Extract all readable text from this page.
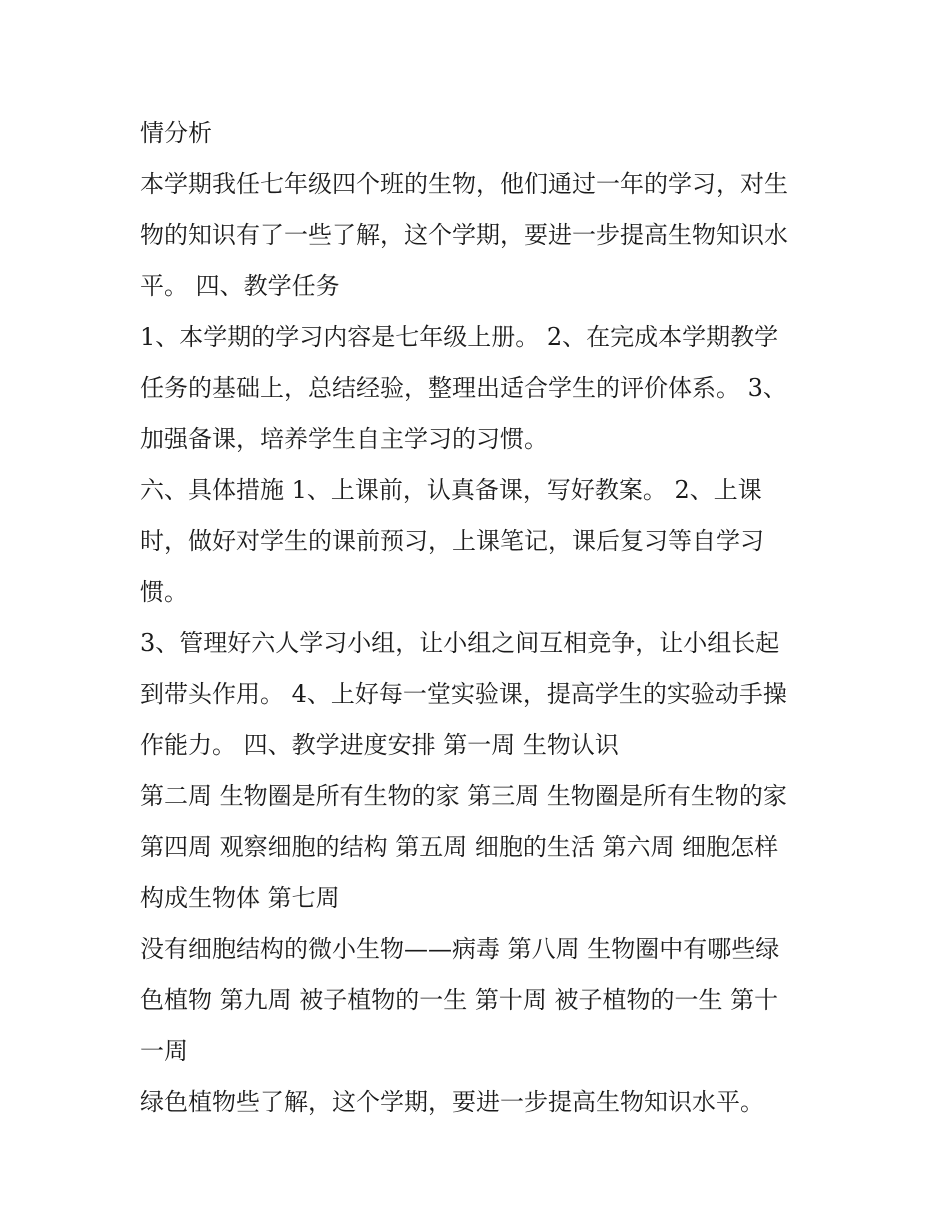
情分析
本学期我任七年级四个班的生物，他们通过一年的学习，对生
物的知识有了一些了解，这个学期，要进一步提高生物知识水
平。 四、教学任务
1、本学期的学习内容是七年级上册。 2、在完成本学期教学
任务的基础上，总结经验，整理出适合学生的评价体系。 3、
加强备课，培养学生自主学习的习惯。
六、具体措施 1、上课前，认真备课，写好教案。 2、上课
时，做好对学生的课前预习，上课笔记，课后复习等自学习
惯。
3、管理好六人学习小组，让小组之间互相竞争，让小组长起
到带头作用。 4、上好每一堂实验课，提高学生的实验动手操
作能力。 四、教学进度安排 第一周 生物认识
第二周 生物圈是所有生物的家 第三周 生物圈是所有生物的家
第四周 观察细胞的结构 第五周 细胞的生活 第六周 细胞怎样
构成生物体 第七周
没有细胞结构的微小生物——病毒 第八周 生物圈中有哪些绿
色植物 第九周 被子植物的一生 第十周 被子植物的一生 第十
一周
绿色植物些了解，这个学期，要进一步提高生物知识水平。
